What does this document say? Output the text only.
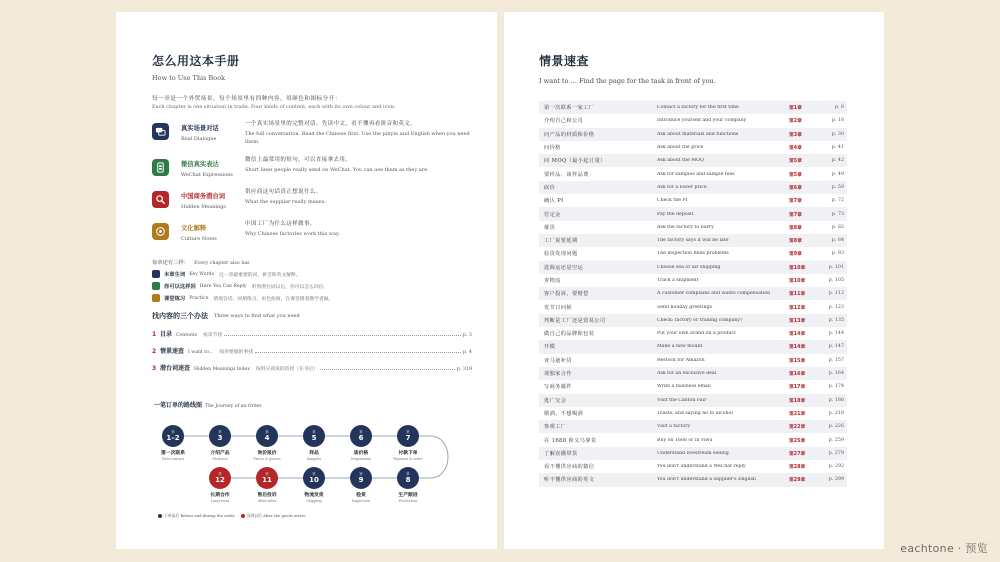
怎么用这本手册
How to Use This Book
每一章是一个外贸场景。每个场景里有四种内容，用颜色和图标分开：
Each chapter is one situation in trade. Four kinds of content, each with its own colour and icon:
真实场景对话
Real Dialogue
一个真实场景里的完整对话。先读中文，看不懂再看拼音和英文。
The full conversation. Read the Chinese first. Use the pinyin and English when you need them.
微信真实表达
WeChat Expressions
微信上最常用的短句，可以直接拿去用。
Short lines people really send on WeChat. You can use them as they are.
中国商务潜台词
Hidden Meanings
供应商这句话真正想说什么。
What the supplier really means.
文化解释
Culture Notes
中国工厂为什么这样做事。
Why Chinese factories work this way.
每章还有三样： Every chapter also has
本章生词 Key Words 这一章最重要的词，拼音和英文解释。
你可以这样回 Here You Can Reply 听到潜台词以后，你可以怎么回应。
课堂练习 Practice 情境会话、回填练习、角色扮演，在课堂跟着教学者做。
找内容的三个办法 Three ways to find what you need
1 目录 Contents 按章节找	p. 3
2 情景速查 I want to… 按你要做的事找	p. 4
3 潜台词速查 Hidden Meanings Index 按供应商说的话找（在书后）	p. 319
一笔订单的路线图 The Journey of an Order
第
1–2
第一次联系
First contact
第
3
介绍产品
Products
第
4
询价报价
Prices & quotes
第
5
样品
Samples
第
6
谈价格
Negotiation
第
7
付款下单
Payment & order
第
12
长期合作
Long-term
第
11
售后投诉
After-sales
第
10
物流发货
Shipping
第
9
验货
Inspection
第
8
生产跟进
Production
下单前后 Before and during the order	货到以后 After the goods arrive
情景速查
I want to … Find the page for the task in front of you.
第一次联系一家工厂	Contact a factory for the first time	第1章	p. 8
介绍自己和公司	Introduce yourself and your company	第2章	p. 18
问产品的材质和价格	Ask about materials and functions	第3章	p. 30
问价格	Ask about the price	第4章	p. 41
问 MOQ（最小起订量）	Ask about the MOQ	第5章	p. 42
要样品、谈样品费	Ask for samples and sample fees	第5章	p. 49
砍价	Ask for a lower price	第6章	p. 59
确认 PI	Check the PI	第7章	p. 72
付定金	Pay the deposit	第7章	p. 73
催货	Ask the factory to hurry	第8章	p. 82
工厂说要延期	The factory says it will be late	第8章	p. 84
验货发现问题	The inspection finds problems	第9章	p. 93
选海运还是空运	Choose sea or air shipping	第10章	p. 101
查物流	Track a shipment	第10章	p. 105
客户投诉，要赔偿	A customer complains and wants compensation	第11章	p. 112
发节日问候	Send holiday greetings	第12章	p. 123
判断是工厂还是贸易公司	Check: factory or trading company?	第13章	p. 135
做自己的品牌和包装	Put your own brand on a product	第14章	p. 144
开模	Make a new mould	第14章	p. 147
亚马逊补货	Restock for Amazon	第15章	p. 157
谈独家合作	Ask for an exclusive deal	第16章	p. 164
写商务邮件	Write a business email	第17章	p. 174
逛广交会	Visit the Canton Fair	第18章	p. 186
敬酒、不想喝酒	Toasts, and saying no to alcohol	第21章	p. 218
参观工厂	Visit a factory	第22章	p. 226
在 1688 和义乌拿货	Buy on 1688 or in Yiwu	第25章	p. 259
了解直播带货	Understand livestream selling	第27章	p. 279
看不懂供应商的微信	You don't understand a WeChat reply	第28章	p. 292
听不懂供应商的英文	You don't understand a supplier's English	第29章	p. 299
eachtone · 预览
